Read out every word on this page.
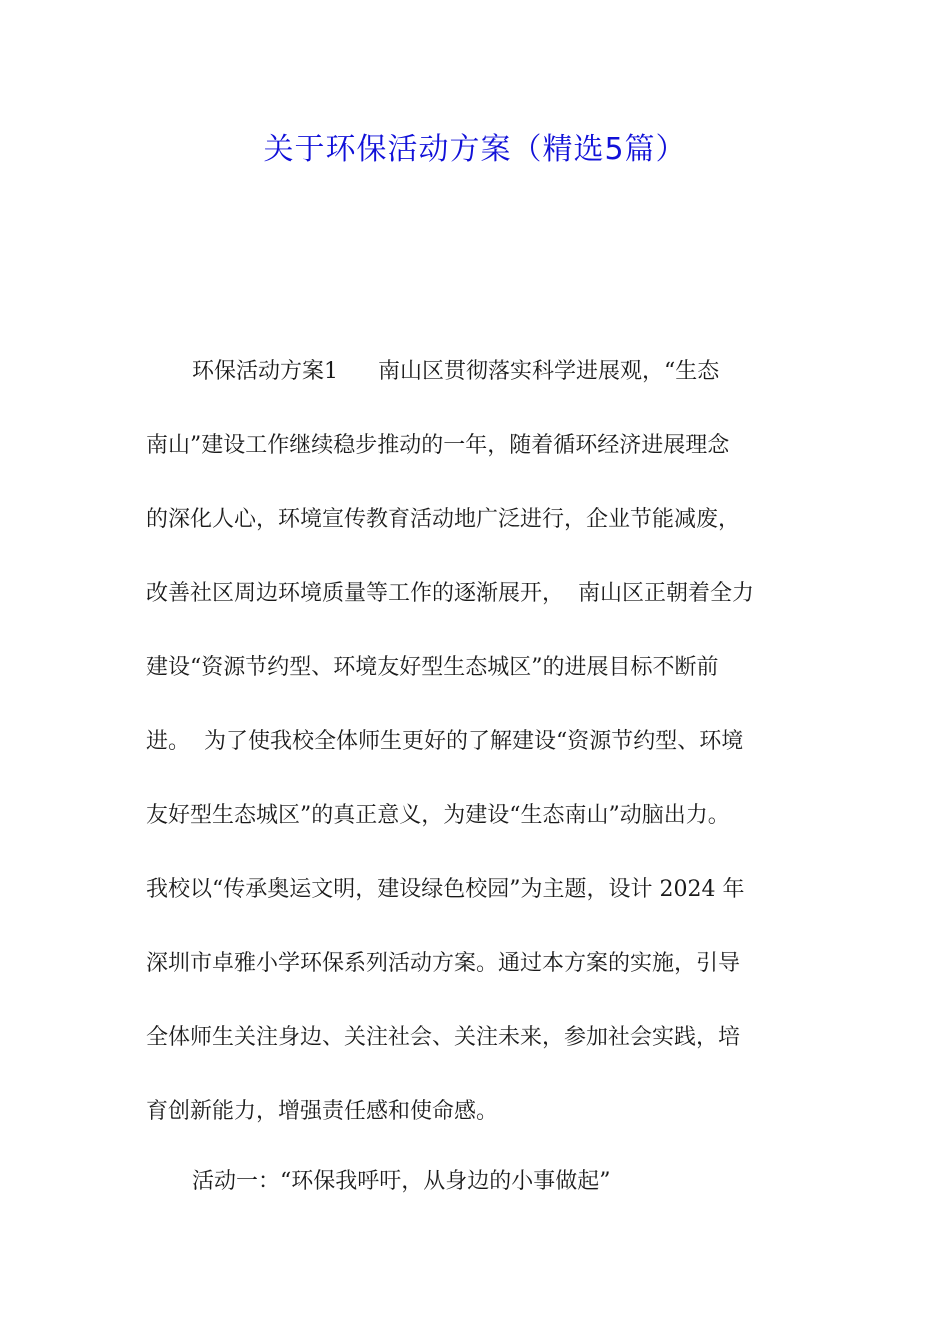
关于环保活动方案（精选5篇）
环保活动方案1 南山区贯彻落实科学进展观，“生态
南山”建设工作继续稳步推动的一年，随着循环经济进展理念
的深化人心，环境宣传教育活动地广泛进行，企业节能减废，
改善社区周边环境质量等工作的逐渐展开， 南山区正朝着全力
建设“资源节约型、环境友好型生态城区”的进展目标不断前
进。 为了使我校全体师生更好的了解建设“资源节约型、环境
友好型生态城区”的真正意义，为建设“生态南山”动脑出力。
我校以“传承奥运文明，建设绿色校园”为主题，设计 2024 年
深圳市卓雅小学环保系列活动方案。通过本方案的实施，引导
全体师生关注身边、关注社会、关注未来，参加社会实践，培
育创新能力，增强责任感和使命感。
活动一：“环保我呼吁，从身边的小事做起”
